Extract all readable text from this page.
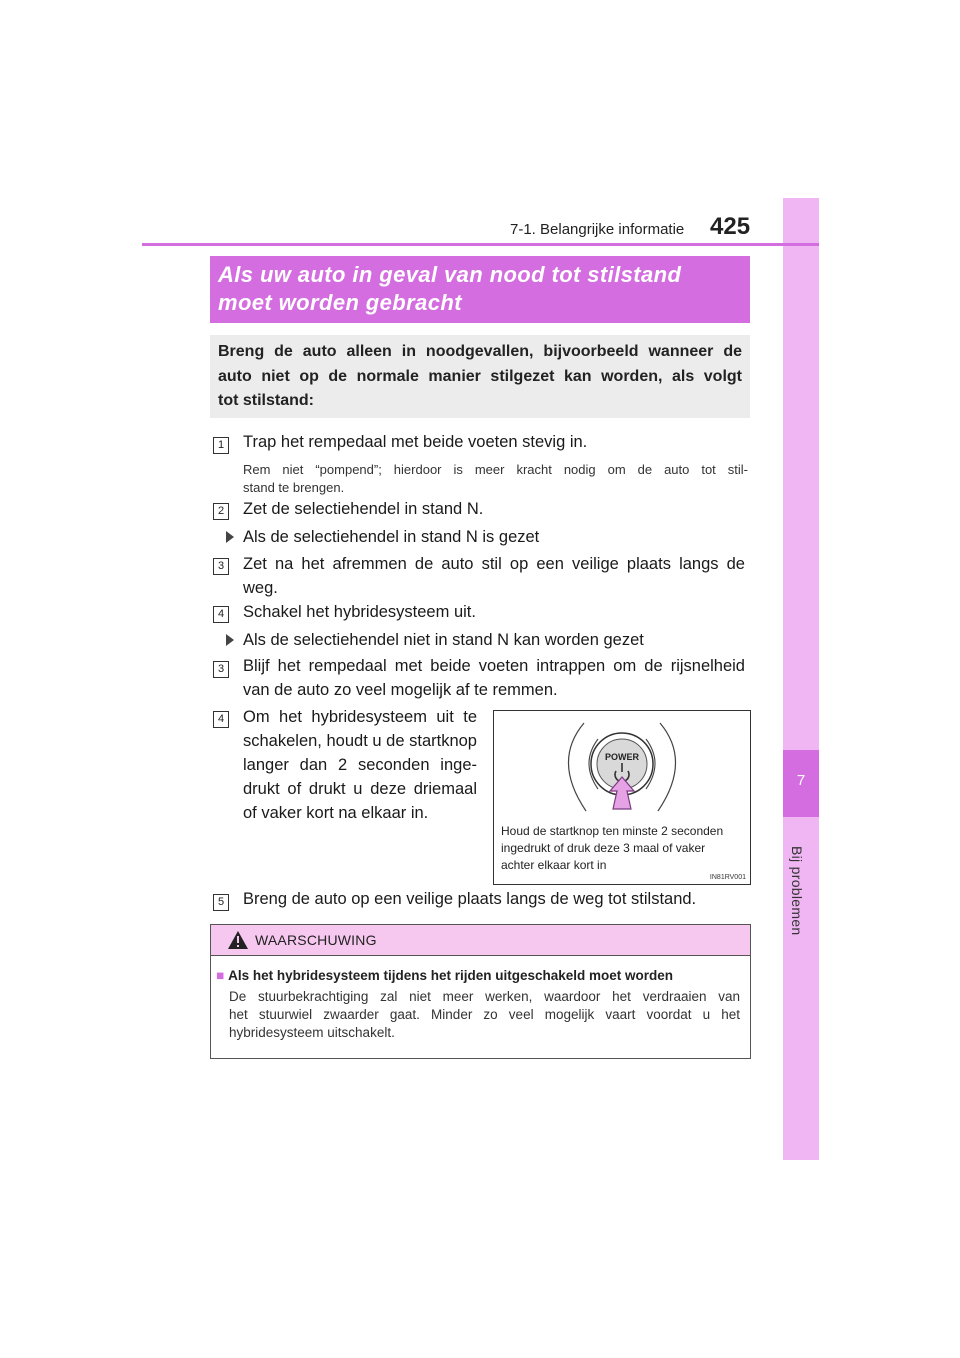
7
Bij problemen
7-1. Belangrijke informatie 425
Als uw auto in geval van nood tot stilstand
moet worden gebracht
Breng de auto alleen in noodgevallen, bijvoorbeeld wanneer de
auto niet op de normale manier stilgezet kan worden, als volgt
tot stilstand:
1 Trap het rempedaal met beide voeten stevig in.
Rem niet “pompend”; hierdoor is meer kracht nodig om de auto tot stil-
stand te brengen.
2 Zet de selectiehendel in stand N.
Als de selectiehendel in stand N is gezet
3 Zet na het afremmen de auto stil op een veilige plaats langs de
weg.
4 Schakel het hybridesysteem uit.
Als de selectiehendel niet in stand N kan worden gezet
3 Blijf het rempedaal met beide voeten intrappen om de rijsnelheid
van de auto zo veel mogelijk af te remmen.
4 Om het hybridesysteem uit te
schakelen, houdt u de startknop
langer dan 2 seconden inge-
drukt of drukt u deze driemaal
of vaker kort na elkaar in.
POWER
Houd de startknop ten minste 2 seconden
ingedrukt of druk deze 3 maal of vaker
achter elkaar kort in
IN81RV001
5 Breng de auto op een veilige plaats langs de weg tot stilstand.
WAARSCHUWING
■ Als het hybridesysteem tijdens het rijden uitgeschakeld moet worden
De stuurbekrachtiging zal niet meer werken, waardoor het verdraaien van
het stuurwiel zwaarder gaat. Minder zo veel mogelijk vaart voordat u het
hybridesysteem uitschakelt.
